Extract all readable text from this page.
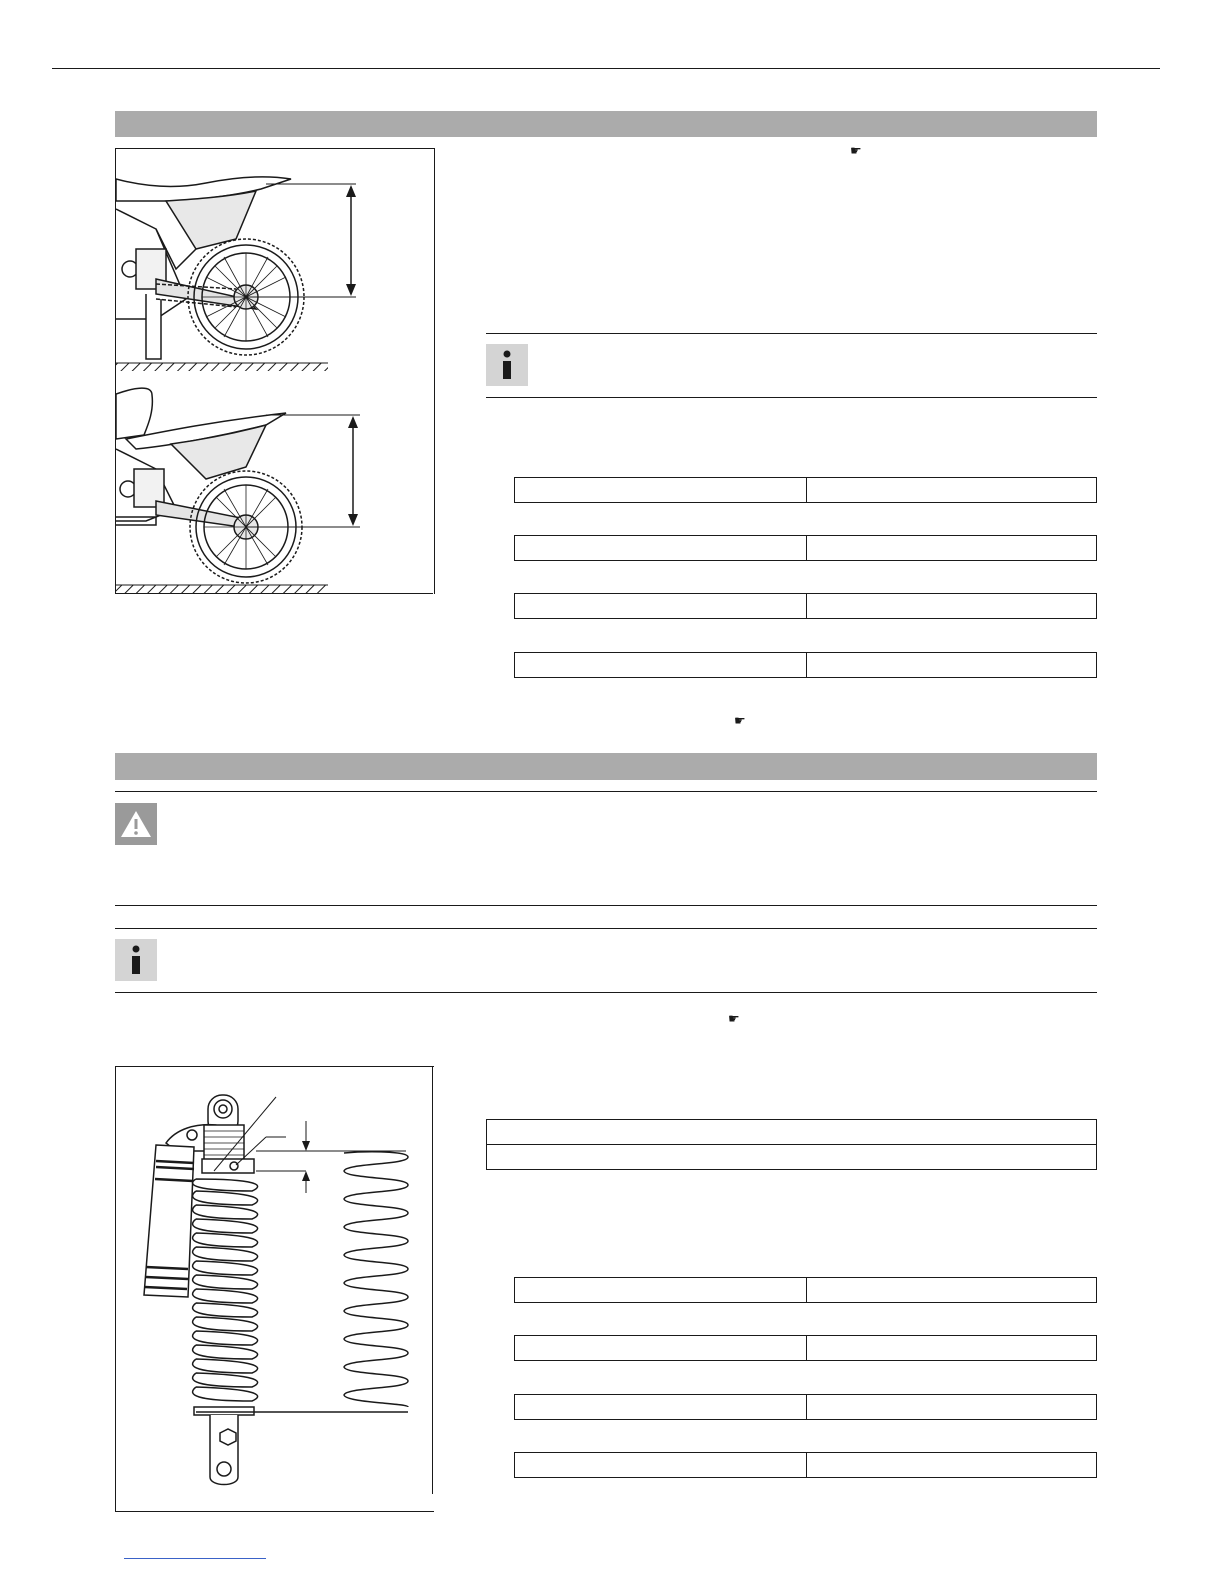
☛

☛
☛
